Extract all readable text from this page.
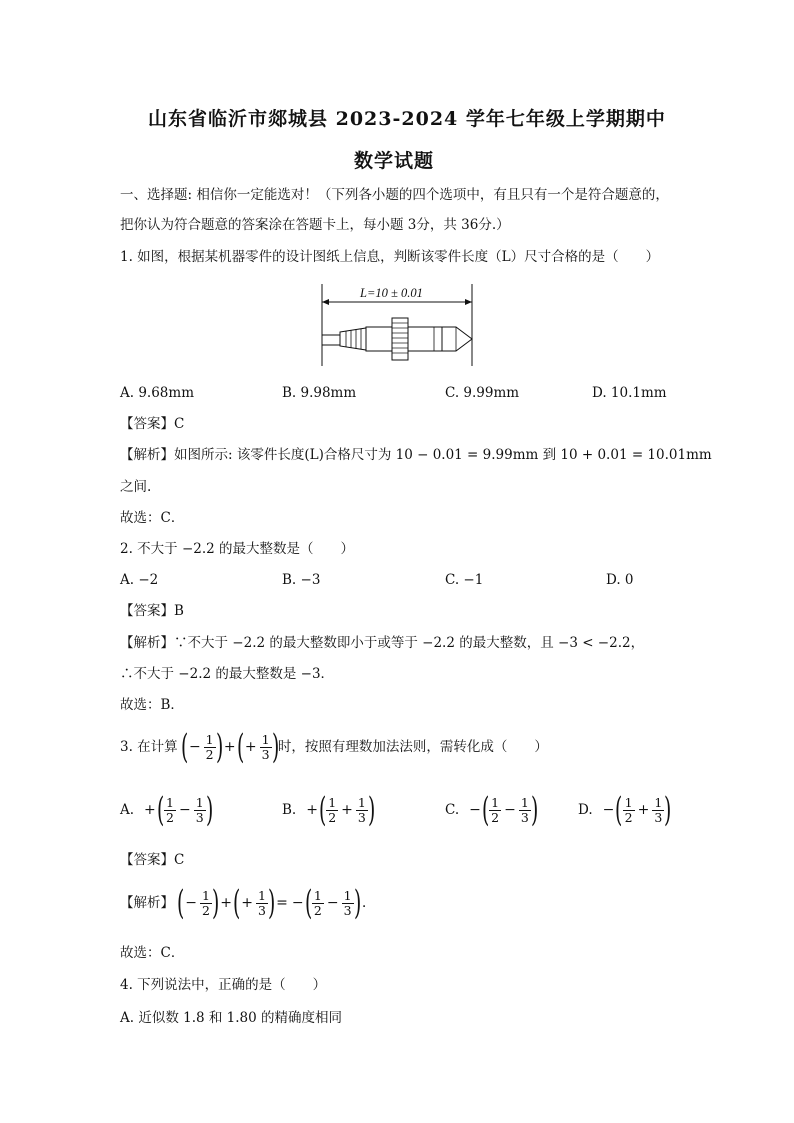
山东省临沂市郯城县 2023-2024 学年七年级上学期期中
数学试题
一、选择题: 相信你一定能选对！（下列各小题的四个选项中，有且只有一个是符合题意的，
把你认为符合题意的答案涂在答题卡上，每小题 3分，共 36分.）
1. 如图，根据某机器零件的设计图纸上信息，判断该零件长度（L）尺寸合格的是（　　）
L=10 ± 0.01
A. 9.68mm	B. 9.98mm	C. 9.99mm	D. 10.1mm
【答案】C
【解析】如图所示: 该零件长度(L)合格尺寸为 10 − 0.01 = 9.99mm 到 10 + 0.01 = 10.01mm
之间.
故选：C．
2. 不大于 −2.2 的最大整数是（　　）
A. −2	B. −3	C. −1	D. 0
【答案】B
【解析】∵不大于 −2.2 的最大整数即小于或等于 −2.2 的最大整数，且 −3 < −2.2，
∴不大于 −2.2 的最大整数是 −3．
故选：B．
3. 在计算 ( − $\frac{1}{2}$ ) + ( + $\frac{1}{3}$ )
时，按照有理数加法法则，需转化成（　　）
A. + ( $\frac{1}{2} - \frac{1}{3}$ )	B. + ( $\frac{1}{2} + \frac{1}{3}$ )	C. − ( $\frac{1}{2} - \frac{1}{3}$ )	D. − ( $\frac{1}{2} + \frac{1}{3}$ )
【答案】C
【解析】 ( − $\frac{1}{2}$ ) + ( + $\frac{1}{3}$ ) = − ( $\frac{1}{2} - \frac{1}{3}$ ) .
故选：C．
4. 下列说法中，正确的是（　　）
A. 近似数 1.8 和 1.80 的精确度相同
